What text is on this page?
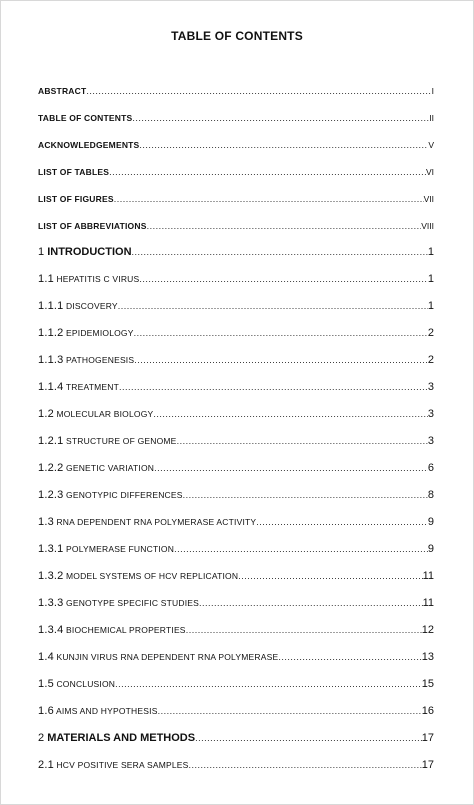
TABLE OF CONTENTS
ABSTRACT .....	I
TABLE OF CONTENTS .....	II
ACKNOWLEDGEMENTS .....	V
LIST OF TABLES .....	VI
LIST OF FIGURES .....	VII
LIST OF ABBREVIATIONS .....	VIII
1 INTRODUCTION .....	1
1.1 HEPATITIS C VIRUS .....	1
1.1.1 DISCOVERY .....	1
1.1.2 EPIDEMIOLOGY .....	2
1.1.3 PATHOGENESIS .....	2
1.1.4 TREATMENT .....	3
1.2 MOLECULAR BIOLOGY .....	3
1.2.1 STRUCTURE OF GENOME .....	3
1.2.2 GENETIC VARIATION .....	6
1.2.3 GENOTYPIC DIFFERENCES .....	8
1.3 RNA DEPENDENT RNA POLYMERASE ACTIVITY .....	9
1.3.1 POLYMERASE FUNCTION .....	9
1.3.2 MODEL SYSTEMS OF HCV REPLICATION .....	11
1.3.3 GENOTYPE SPECIFIC STUDIES .....	11
1.3.4 BIOCHEMICAL PROPERTIES .....	12
1.4 KUNJIN VIRUS RNA DEPENDENT RNA POLYMERASE .....	13
1.5 CONCLUSION .....	15
1.6 AIMS AND HYPOTHESIS .....	16
2 MATERIALS AND METHODS .....	17
2.1 HCV POSITIVE SERA SAMPLES .....	17
